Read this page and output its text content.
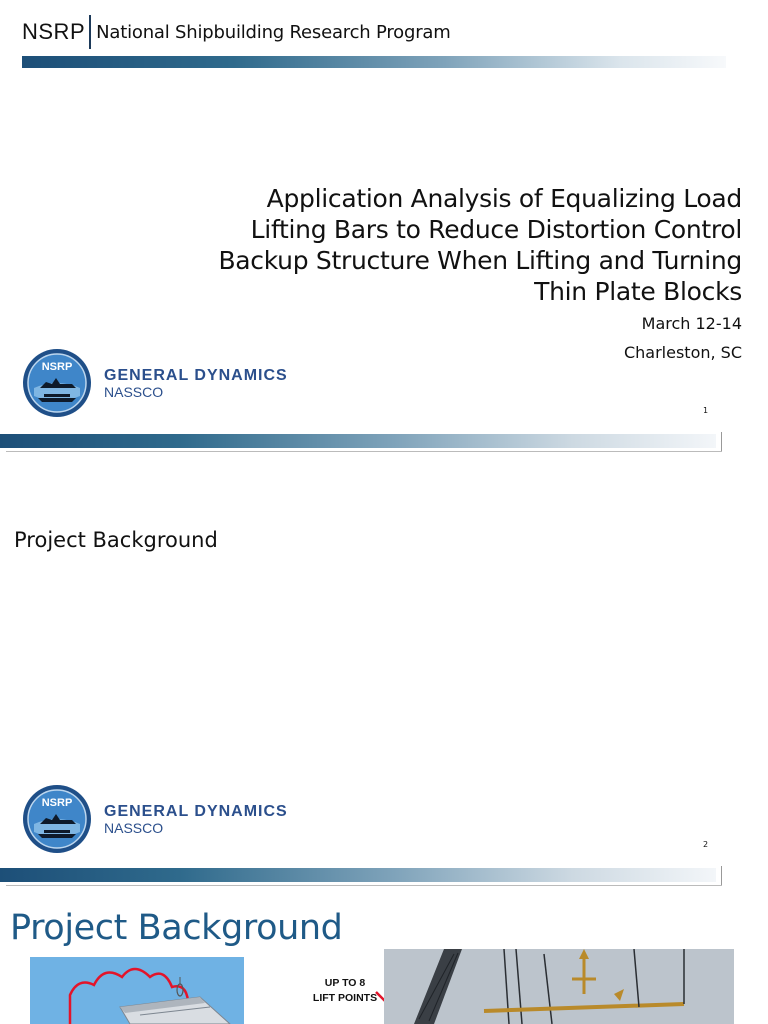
NSRP National Shipbuilding Research Program
Application Analysis of Equalizing Load
Lifting Bars to Reduce Distortion Control
Backup Structure When Lifting and Turning
Thin Plate Blocks
March 12-14
Charleston, SC
NSRP GENERAL DYNAMICS
NASSCO
1
Project Background
NSRP GENERAL DYNAMICS
NASSCO
2
Project Background
UP TO 8
LIFT POINTS
